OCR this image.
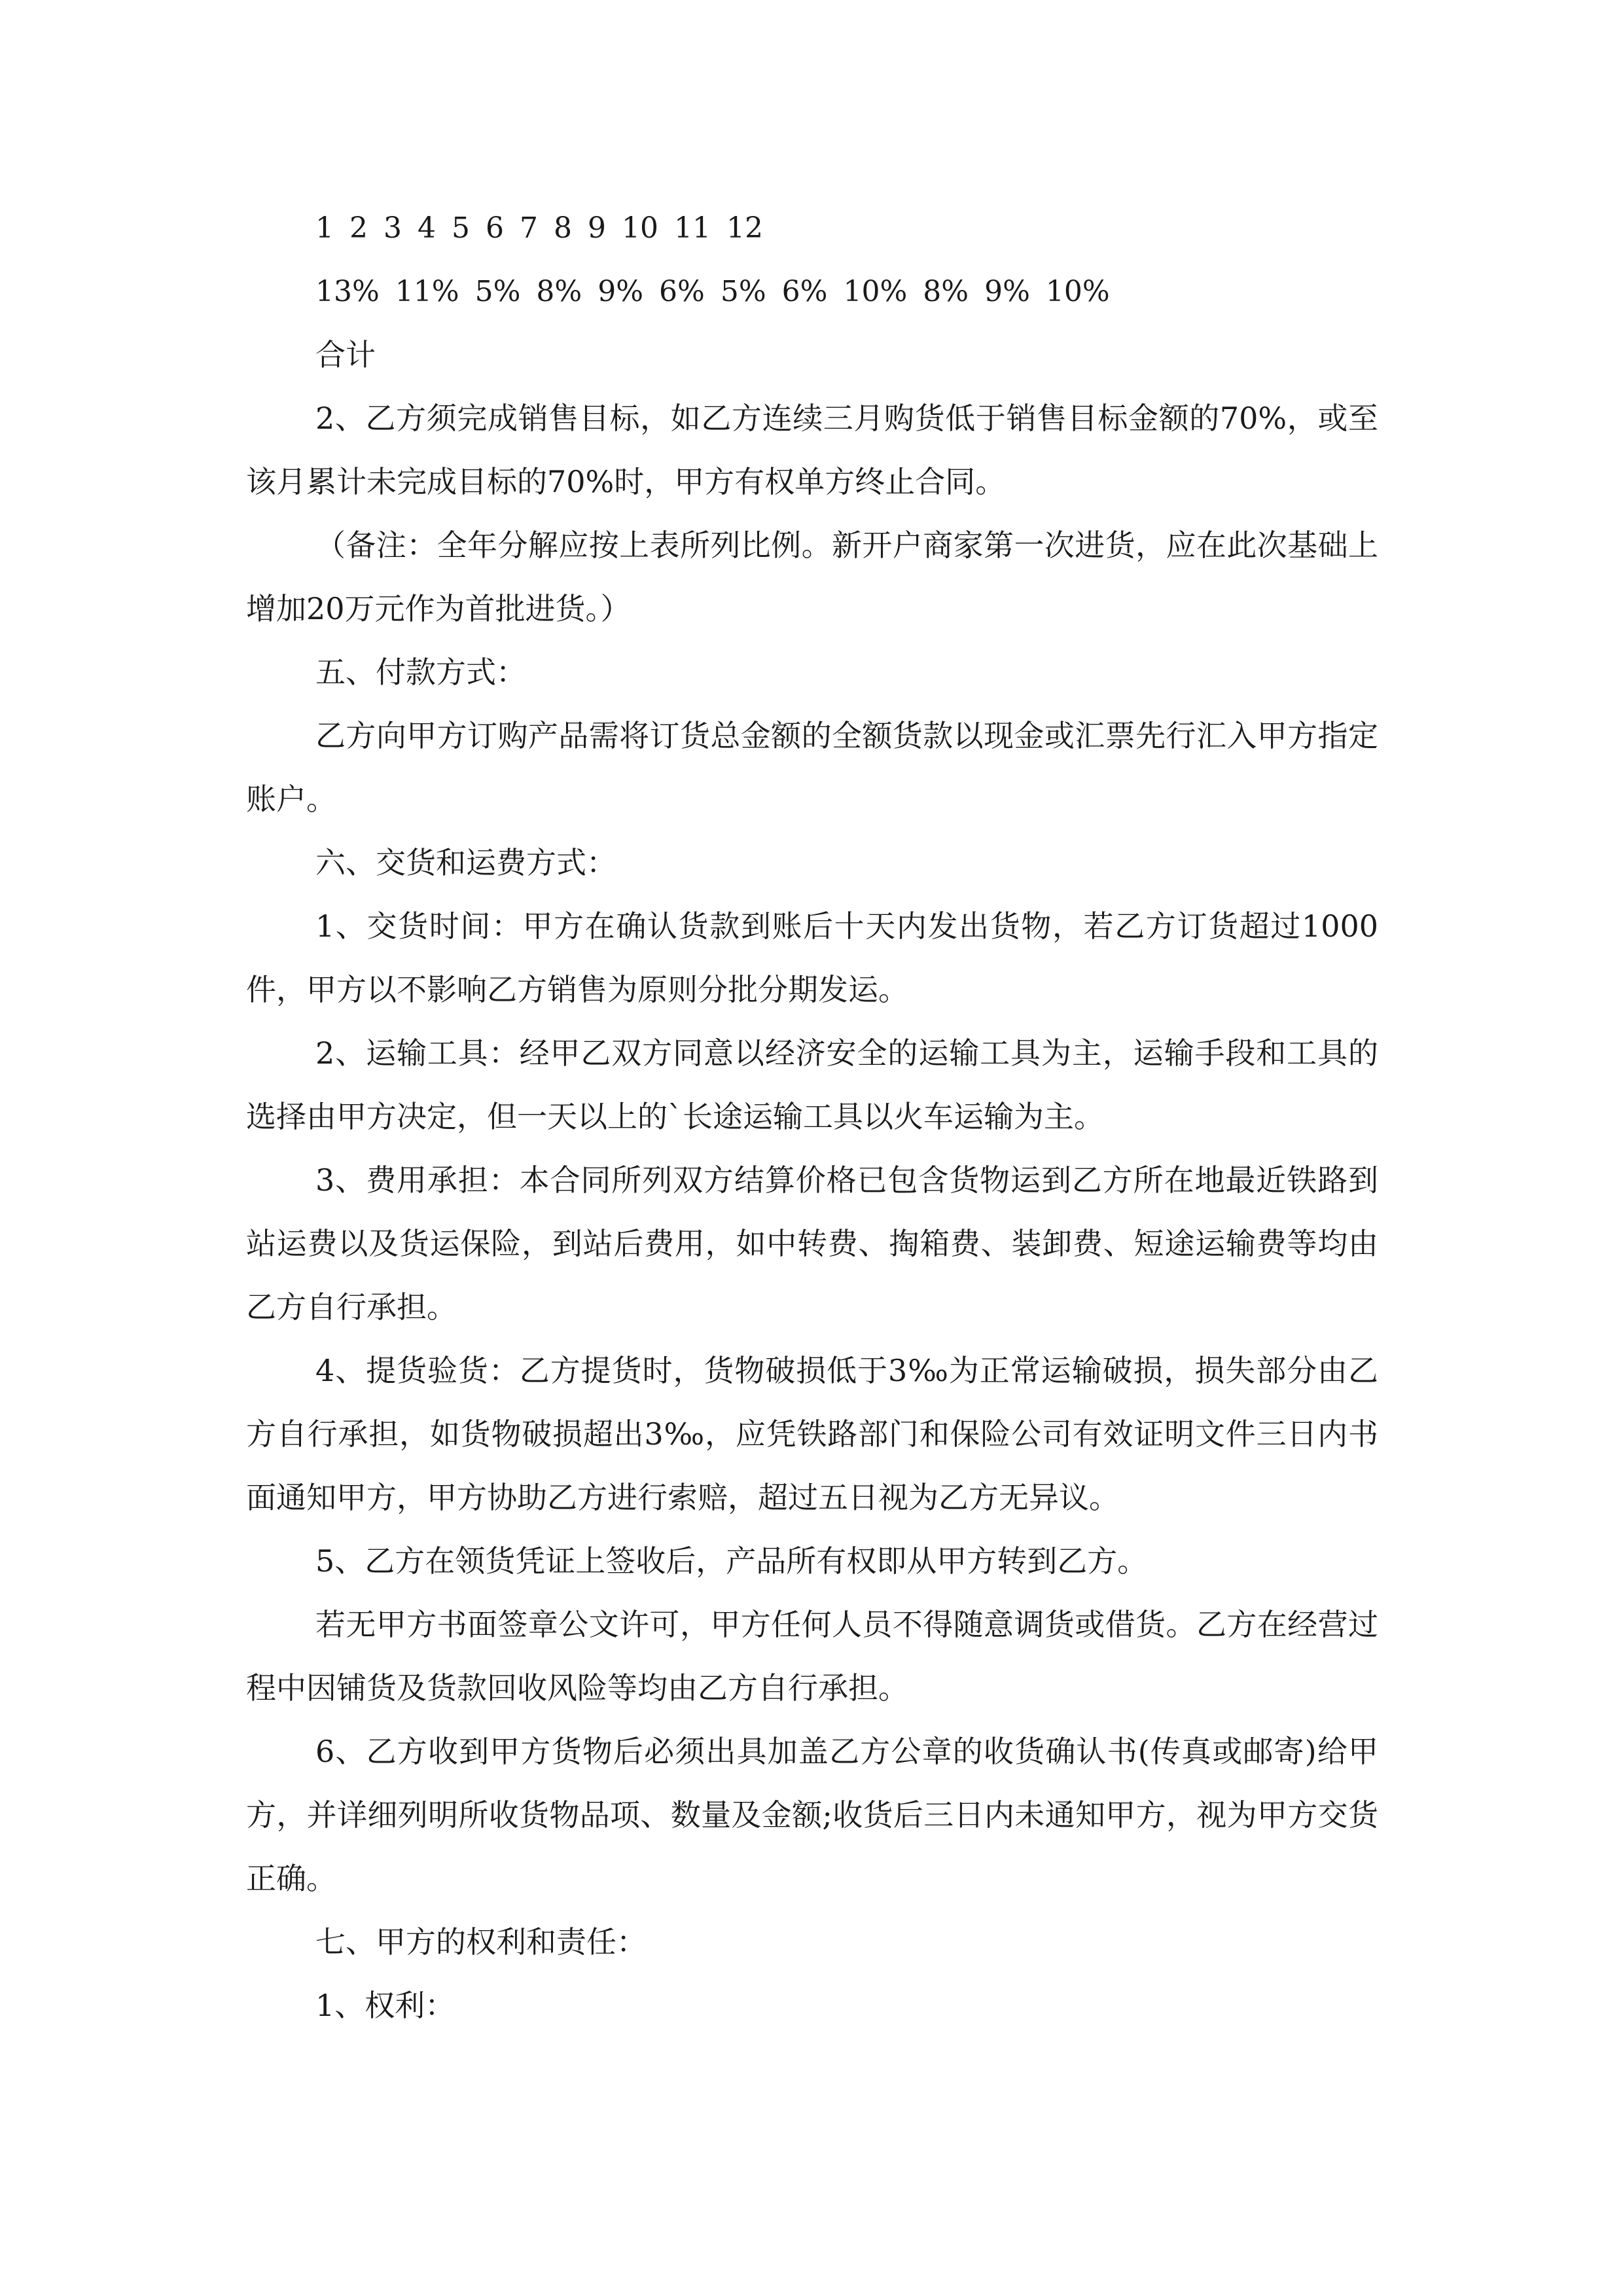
1 2 3 4 5 6 7 8 9 10 11 12
13% 11% 5% 8% 9% 6% 5% 6% 10% 8% 9% 10%

合计

2、乙方须完成销售目标，如乙方连续三月购货低于销售目标金额的70%，或至该月累计未完成目标的70%时，甲方有权单方终止合同。

（备注：全年分解应按上表所列比例。新开户商家第一次进货，应在此次基础上增加20万元作为首批进货。）

五、付款方式：

乙方向甲方订购产品需将订货总金额的全额货款以现金或汇票先行汇入甲方指定账户。

六、交货和运费方式：

1、交货时间：甲方在确认货款到账后十天内发出货物，若乙方订货超过1000件，甲方以不影响乙方销售为原则分批分期发运。

2、运输工具：经甲乙双方同意以经济安全的运输工具为主，运输手段和工具的选择由甲方决定，但一天以上的`长途运输工具以火车运输为主。

3、费用承担：本合同所列双方结算价格已包含货物运到乙方所在地最近铁路到站运费以及货运保险，到站后费用，如中转费、掏箱费、装卸费、短途运输费等均由乙方自行承担。

4、提货验货：乙方提货时，货物破损低于3‰为正常运输破损，损失部分由乙方自行承担，如货物破损超出3‰，应凭铁路部门和保险公司有效证明文件三日内书面通知甲方，甲方协助乙方进行索赔，超过五日视为乙方无异议。

5、乙方在领货凭证上签收后，产品所有权即从甲方转到乙方。

若无甲方书面签章公文许可，甲方任何人员不得随意调货或借货。乙方在经营过程中因铺货及货款回收风险等均由乙方自行承担。

6、乙方收到甲方货物后必须出具加盖乙方公章的收货确认书(传真或邮寄)给甲方，并详细列明所收货物品项、数量及金额;收货后三日内未通知甲方，视为甲方交货正确。

七、甲方的权利和责任：

1、权利：
